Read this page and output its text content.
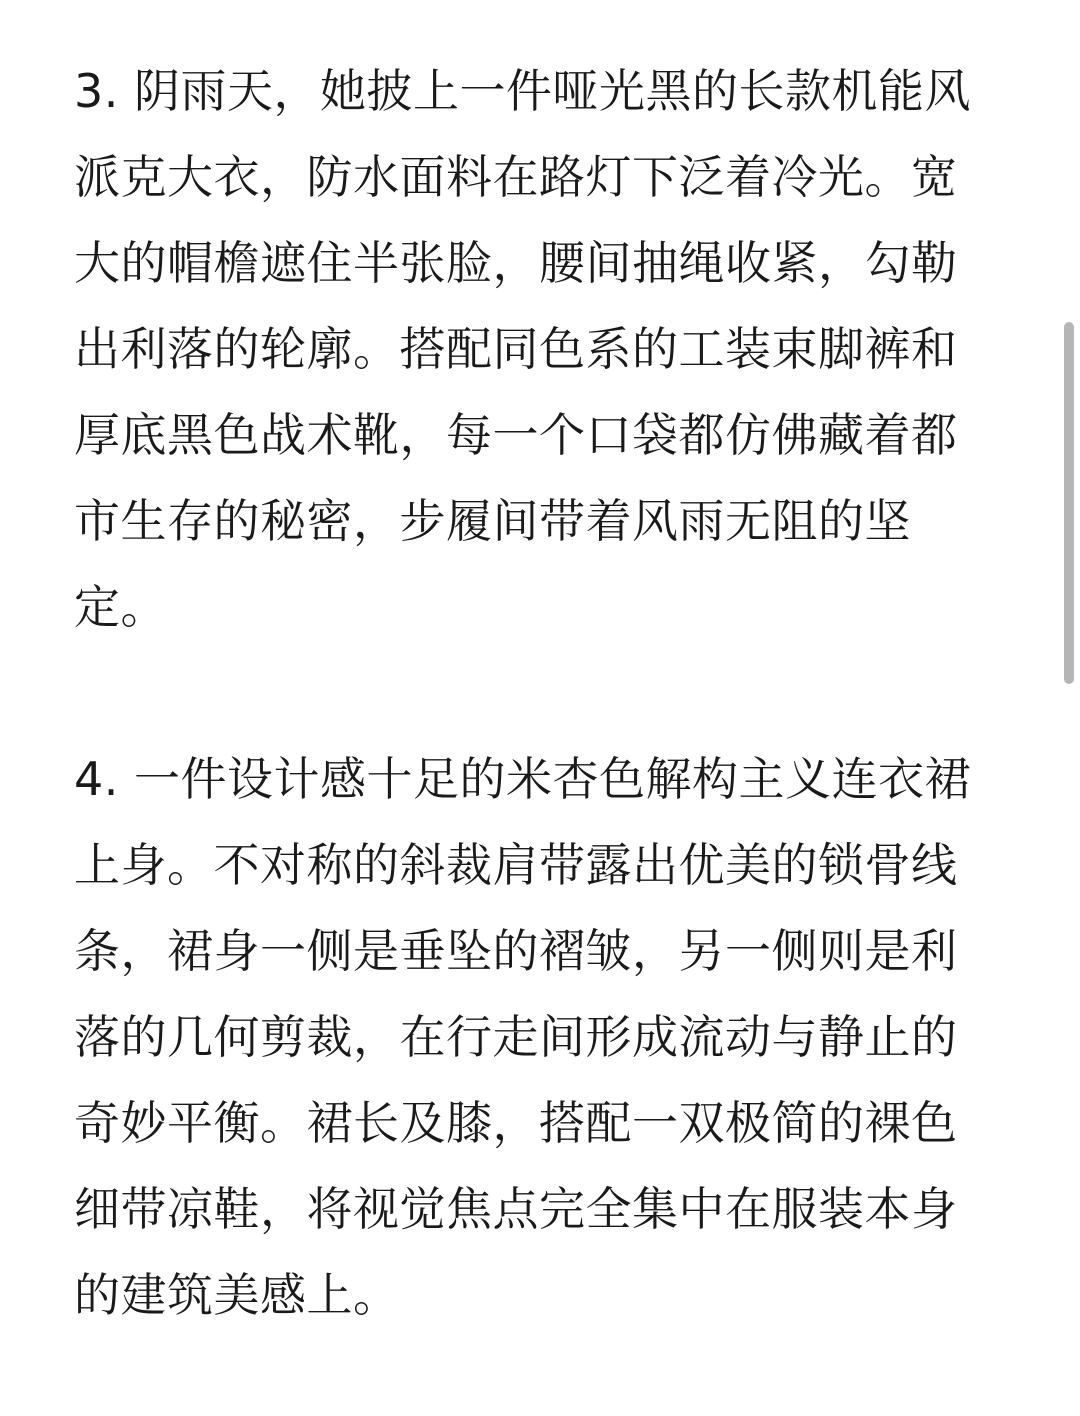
3. 阴雨天，她披上一件哑光黑的长款机能风
派克大衣，防水面料在路灯下泛着冷光。宽
大的帽檐遮住半张脸，腰间抽绳收紧，勾勒
出利落的轮廓。搭配同色系的工装束脚裤和
厚底黑色战术靴，每一个口袋都仿佛藏着都
市生存的秘密，步履间带着风雨无阻的坚
定。

4. 一件设计感十足的米杏色解构主义连衣裙
上身。不对称的斜裁肩带露出优美的锁骨线
条，裙身一侧是垂坠的褶皱，另一侧则是利
落的几何剪裁，在行走间形成流动与静止的
奇妙平衡。裙长及膝，搭配一双极简的裸色
细带凉鞋，将视觉焦点完全集中在服装本身
的建筑美感上。
